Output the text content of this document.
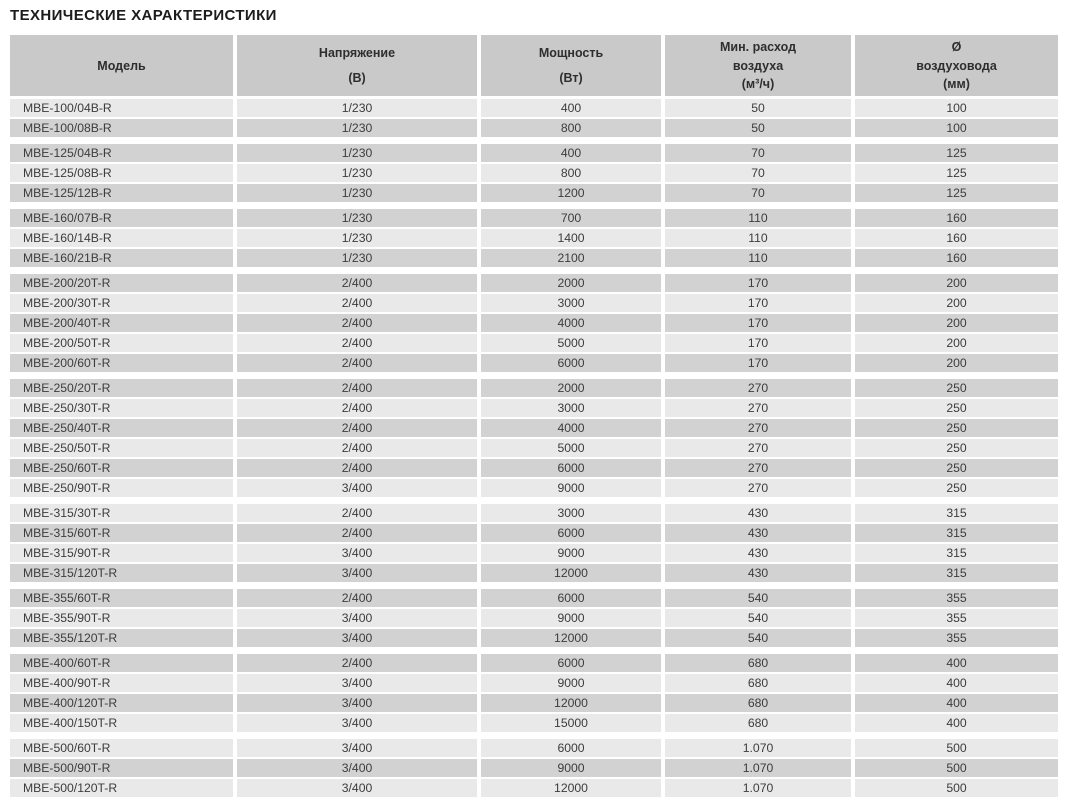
ТЕХНИЧЕСКИЕ ХАРАКТЕРИСТИКИ
Модель

Напряжение
(В)

Мощность
(Вт)

Мин. расход
воздуха
(м³/ч)

Ø
воздуховода
(мм)

MBE-100/04B-R	1/230	400	50	100
MBE-100/08B-R	1/230	800	50	100

MBE-125/04B-R	1/230	400	70	125
MBE-125/08B-R	1/230	800	70	125
MBE-125/12B-R	1/230	1200	70	125

MBE-160/07B-R	1/230	700	110	160
MBE-160/14B-R	1/230	1400	110	160
MBE-160/21B-R	1/230	2100	110	160

MBE-200/20T-R	2/400	2000	170	200
MBE-200/30T-R	2/400	3000	170	200
MBE-200/40T-R	2/400	4000	170	200
MBE-200/50T-R	2/400	5000	170	200
MBE-200/60T-R	2/400	6000	170	200

MBE-250/20T-R	2/400	2000	270	250
MBE-250/30T-R	2/400	3000	270	250
MBE-250/40T-R	2/400	4000	270	250
MBE-250/50T-R	2/400	5000	270	250
MBE-250/60T-R	2/400	6000	270	250
MBE-250/90T-R	3/400	9000	270	250

MBE-315/30T-R	2/400	3000	430	315
MBE-315/60T-R	2/400	6000	430	315
MBE-315/90T-R	3/400	9000	430	315
MBE-315/120T-R	3/400	12000	430	315

MBE-355/60T-R	2/400	6000	540	355
MBE-355/90T-R	3/400	9000	540	355
MBE-355/120T-R	3/400	12000	540	355

MBE-400/60T-R	2/400	6000	680	400
MBE-400/90T-R	3/400	9000	680	400
MBE-400/120T-R	3/400	12000	680	400
MBE-400/150T-R	3/400	15000	680	400

MBE-500/60T-R	3/400	6000	1.070	500
MBE-500/90T-R	3/400	9000	1.070	500
MBE-500/120T-R	3/400	12000	1.070	500
